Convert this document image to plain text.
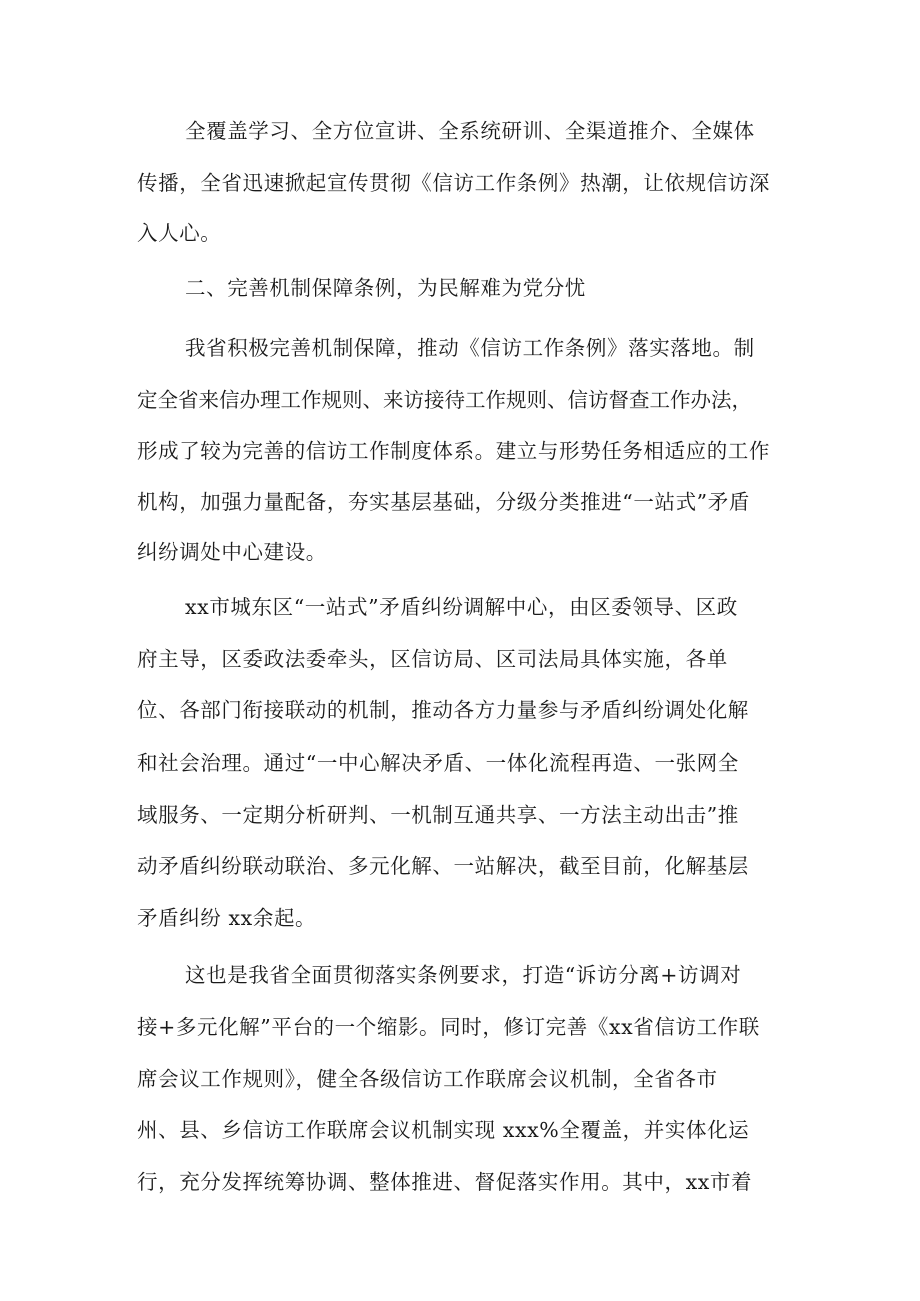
全覆盖学习、全方位宣讲、全系统研训、全渠道推介、全媒体

传播，全省迅速掀起宣传贯彻《信访工作条例》热潮，让依规信访深

入人心。

二、完善机制保障条例，为民解难为党分忧

我省积极完善机制保障，推动《信访工作条例》落实落地。制

定全省来信办理工作规则、来访接待工作规则、信访督查工作办法，

形成了较为完善的信访工作制度体系。建立与形势任务相适应的工作

机构，加强力量配备，夯实基层基础，分级分类推进“一站式”矛盾

纠纷调处中心建设。

xx市城东区“一站式”矛盾纠纷调解中心，由区委领导、区政

府主导，区委政法委牵头，区信访局、区司法局具体实施，各单

位、各部门衔接联动的机制，推动各方力量参与矛盾纠纷调处化解

和社会治理。通过“一中心解决矛盾、一体化流程再造、一张网全

域服务、一定期分析研判、一机制互通共享、一方法主动出击”推

动矛盾纠纷联动联治、多元化解、一站解决，截至目前，化解基层

矛盾纠纷 xx余起。

这也是我省全面贯彻落实条例要求，打造“诉访分离+访调对

接+多元化解”平台的一个缩影。同时，修订完善《xx省信访工作联

席会议工作规则》，健全各级信访工作联席会议机制，全省各市

州、县、乡信访工作联席会议机制实现 xxx%全覆盖，并实体化运

行，充分发挥统筹协调、整体推进、督促落实作用。其中，xx市着
